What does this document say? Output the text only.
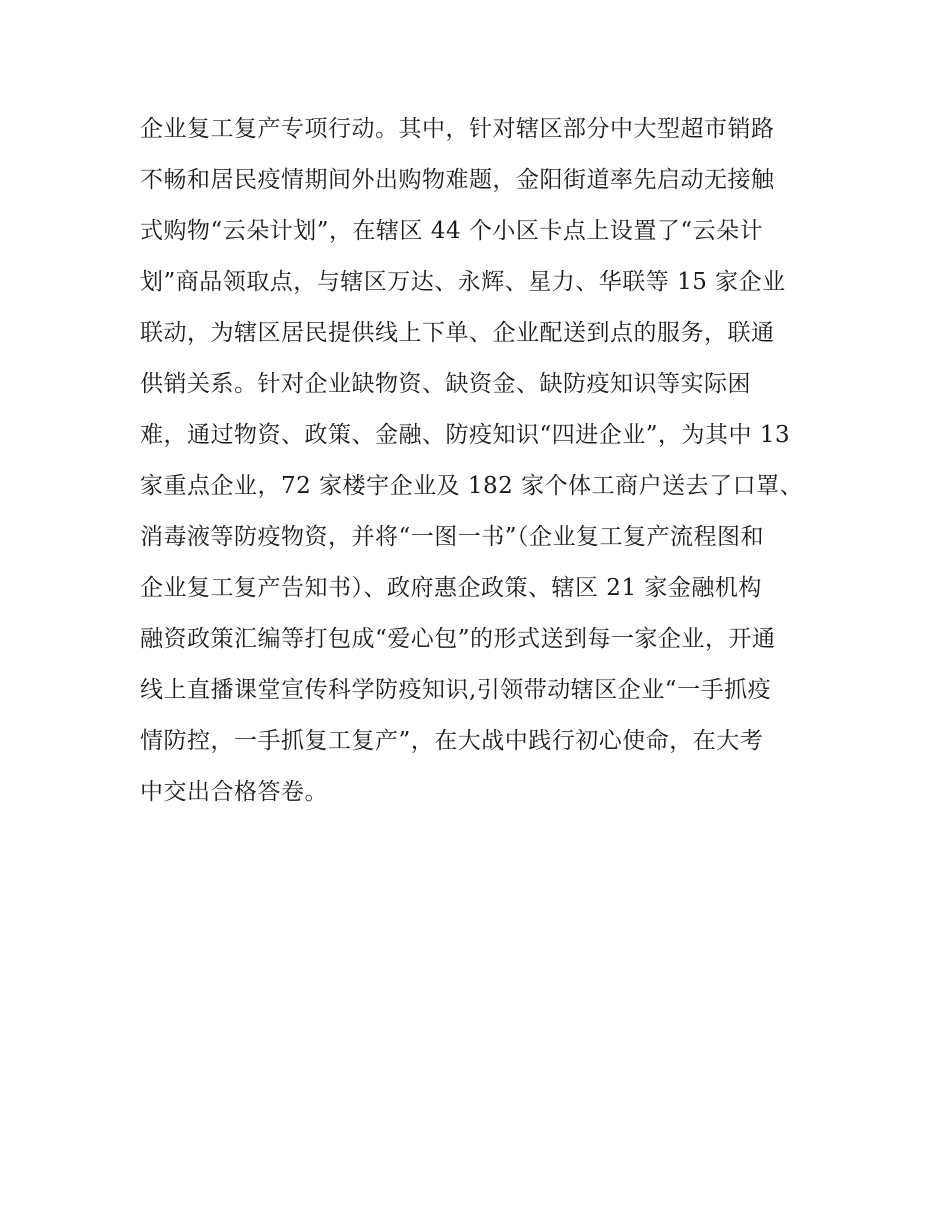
企业复工复产专项行动。其中，针对辖区部分中大型超市销路
不畅和居民疫情期间外出购物难题，金阳街道率先启动无接触
式购物“云朵计划”，在辖区 44 个小区卡点上设置了“云朵计
划”商品领取点，与辖区万达、永辉、星力、华联等 15 家企业
联动，为辖区居民提供线上下单、企业配送到点的服务，联通
供销关系。针对企业缺物资、缺资金、缺防疫知识等实际困
难，通过物资、政策、金融、防疫知识“四进企业”，为其中 13
家重点企业，72 家楼宇企业及 182 家个体工商户送去了口罩、
消毒液等防疫物资，并将“一图一书”（企业复工复产流程图和
企业复工复产告知书）、政府惠企政策、辖区 21 家金融机构
融资政策汇编等打包成“爱心包”的形式送到每一家企业，开通
线上直播课堂宣传科学防疫知识,引领带动辖区企业“一手抓疫
情防控，一手抓复工复产”，在大战中践行初心使命，在大考
中交出合格答卷。
